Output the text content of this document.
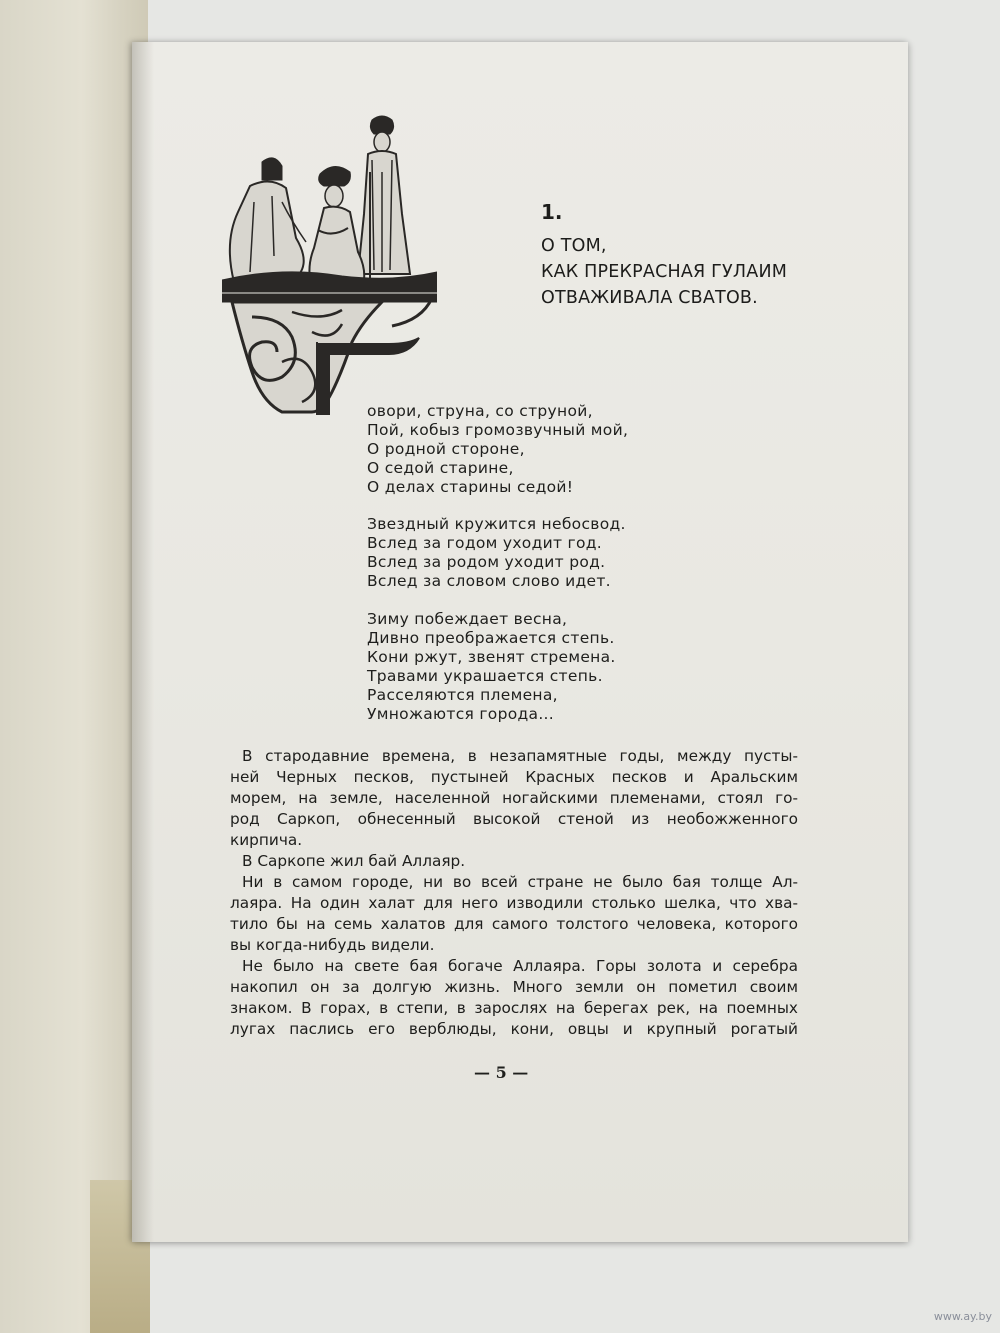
1.
О ТОМ,
КАК ПРЕКРАСНАЯ ГУЛАИМ
ОТВАЖИВАЛА СВАТОВ.
овори, струна, со струной,
Пой, кобыз громозвучный мой,
О родной стороне,
О седой старине,
О делах старины седой!
Звездный кружится небосвод.
Вслед за годом уходит год.
Вслед за родом уходит род.
Вслед за словом слово идет.
Зиму побеждает весна,
Дивно преображается степь.
Кони ржут, звенят стремена.
Травами украшается степь.
Расселяются племена,
Умножаются города...
В стародавние времена, в незапамятные годы, между пусты-
ней Черных песков, пустыней Красных песков и Аральским
морем, на земле, населенной ногайскими племенами, стоял го-
род Саркоп, обнесенный высокой стеной из необожженного
кирпича.
В Саркопе жил бай Аллаяр.
Ни в самом городе, ни во всей стране не было бая толще Ал-
лаяра. На один халат для него изводили столько шелка, что хва-
тило бы на семь халатов для самого толстого человека, которого
вы когда-нибудь видели.
Не было на свете бая богаче Аллаяра. Горы золота и серебра
накопил он за долгую жизнь. Много земли он пометил своим
знаком. В горах, в степи, в зарослях на берегах рек, на поемных
лугах паслись его верблюды, кони, овцы и крупный рогатый
— 5 —
www.ay.by
